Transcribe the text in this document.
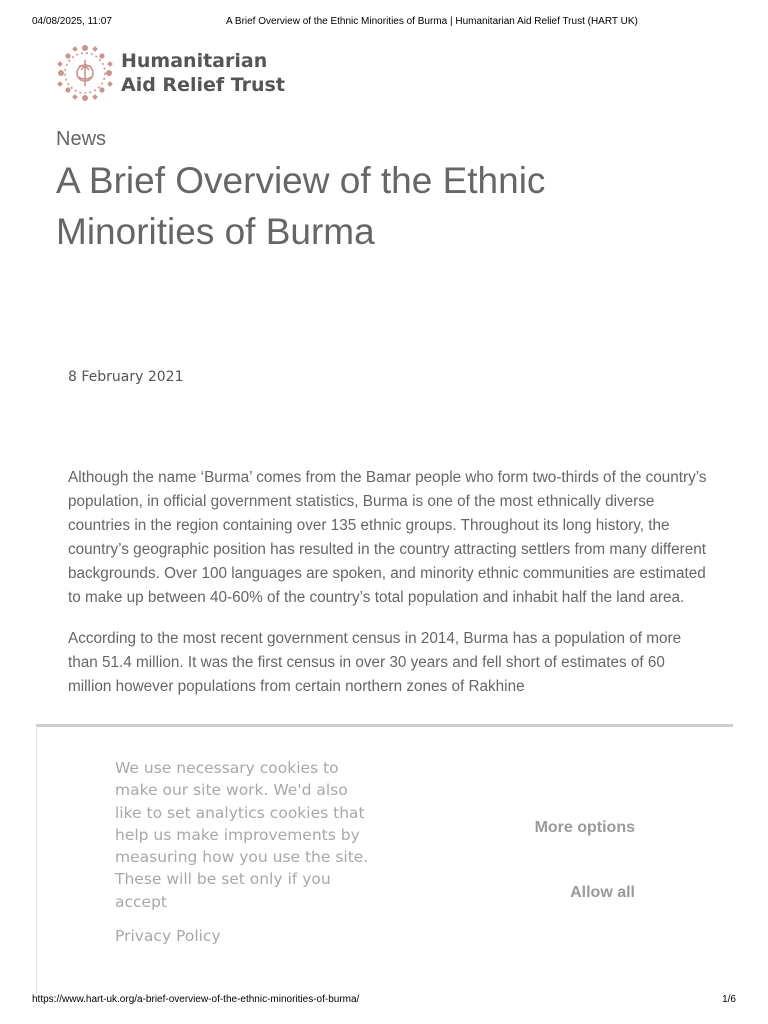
04/08/2025, 11:07	A Brief Overview of the Ethnic Minorities of Burma | Humanitarian Aid Relief Trust (HART UK)
Humanitarian
Aid Relief Trust
News
A Brief Overview of the Ethnic
Minorities of Burma
8 February 2021

Although the name ‘Burma’ comes from the Bamar people who form two-thirds of the country’s population, in official government statistics, Burma is one of the most ethnically diverse countries in the region containing over 135 ethnic groups. Throughout its long history, the country’s geographic position has resulted in the country attracting settlers from many different backgrounds. Over 100 languages are spoken, and minority ethnic communities are estimated to make up between 40-60% of the country’s total population and inhabit half the land area.

According to the most recent government census in 2014, Burma has a population of more than 51.4 million. It was the first census in over 30 years and fell short of estimates of 60 million however populations from certain northern zones of Rakhine

We use necessary cookies to make our site work. We'd also like to set analytics cookies that help us make improvements by measuring how you use the site. These will be set only if you accept
Privacy Policy
More options
Allow all
https://www.hart-uk.org/a-brief-overview-of-the-ethnic-minorities-of-burma/	1/6
